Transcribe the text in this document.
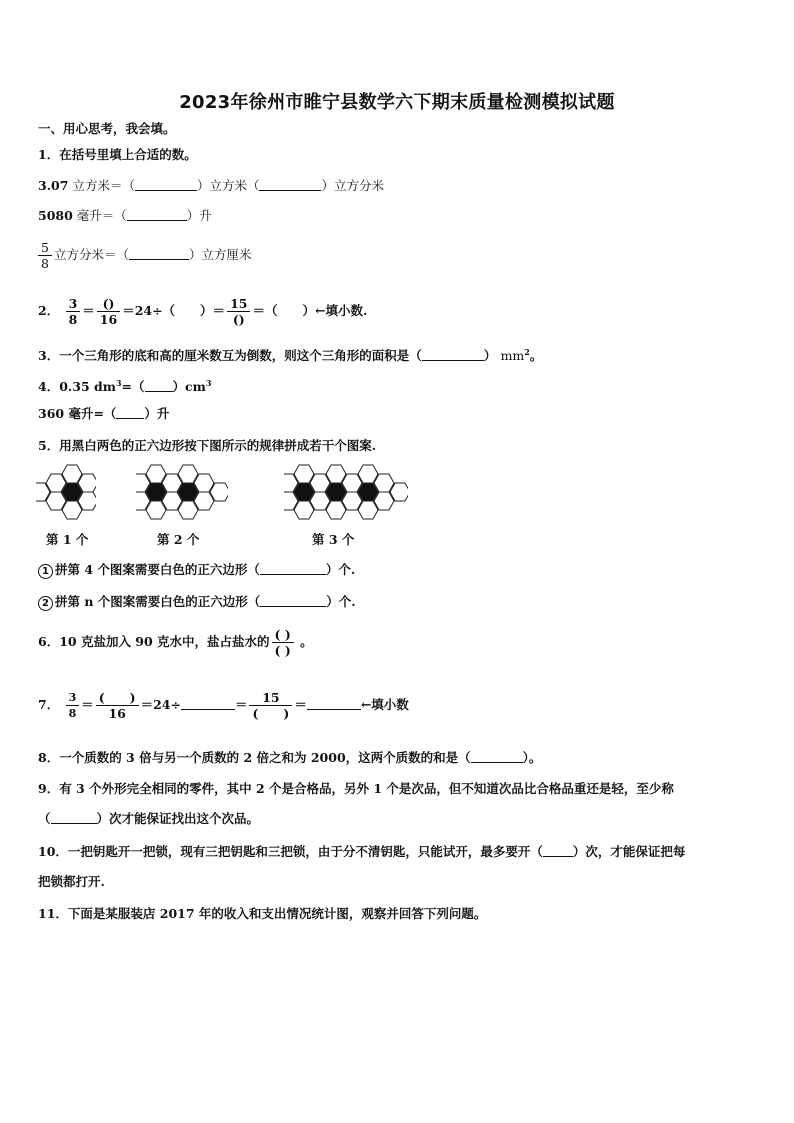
2023年徐州市睢宁县数学六下期末质量检测模拟试题
一、用心思考，我会填。
1．在括号里填上合适的数。
3.07 立方米＝（	）立方米（	）立方分米
5080 毫升＝（	）升
$\frac{5}{8}$ 立方分米＝（	）立方厘米
2． $\frac{3}{8} = \frac{()}{16} =24\div$（　　）＝ $\frac{15}{()}$ ＝（　　）←填小数.
3．一个三角形的底和高的厘米数互为倒数，则这个三角形的面积是（	） $mm^2$。
4．0.35 $dm^3=$（ ）$cm^3$
360 毫升=（ ）升
5．用黑白两色的正六边形按下图所示的规律拼成若干个图案.
第 1 个	第 2 个	第 3 个
1 拼第 4 个图案需要白色的正六边形（	）个.
2 拼第 n 个图案需要白色的正六边形（	）个.
6．10 克盐加入 90 克水中，盐占盐水的 $\frac{( )}{( )}$ 。
7． $\frac{3}{8} = \frac{( )}{16} =24\div$	＝ $\frac{15}{( )}$ ＝	←填小数
8．一个质数的 3 倍与另一个质数的 2 倍之和为 2000，这两个质数的和是（	）。
9．有 3 个外形完全相同的零件，其中 2 个是合格品，另外 1 个是次品，但不知道次品比合格品重还是轻，至少称
（	）次才能保证找出这个次品。
10．一把钥匙开一把锁，现有三把钥匙和三把锁，由于分不清钥匙，只能试开，最多要开（ ）次，才能保证把每
把锁都打开.
11．下面是某服装店 2017 年的收入和支出情况统计图，观察并回答下列问题。
